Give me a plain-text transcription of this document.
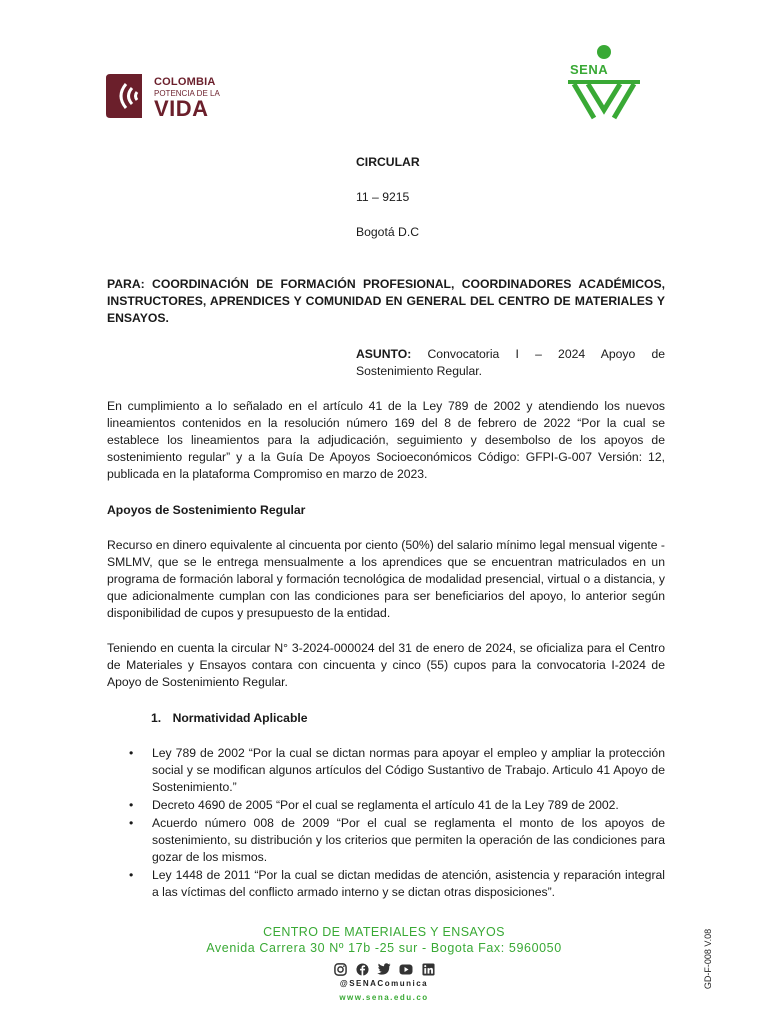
COLOMBIA
POTENCIA DE LA
VIDA
SENA
CIRCULAR
11 – 9215
Bogotá D.C
PARA: COORDINACIÓN DE FORMACIÓN PROFESIONAL, COORDINADORES ACADÉMICOS, INSTRUCTORES, APRENDICES Y COMUNIDAD EN GENERAL DEL CENTRO DE MATERIALES Y ENSAYOS.
ASUNTO: Convocatoria I – 2024 Apoyo de Sostenimiento Regular.
En cumplimiento a lo señalado en el artículo 41 de la Ley 789 de 2002 y atendiendo los nuevos lineamientos contenidos en la resolución número 169 del 8 de febrero de 2022 “Por la cual se establece los lineamientos para la adjudicación, seguimiento y desembolso de los apoyos de sostenimiento regular” y a la Guía De Apoyos Socioeconómicos Código: GFPI-G-007 Versión: 12, publicada en la plataforma Compromiso en marzo de 2023.
Apoyos de Sostenimiento Regular
Recurso en dinero equivalente al cincuenta por ciento (50%) del salario mínimo legal mensual vigente - SMLMV, que se le entrega mensualmente a los aprendices que se encuentran matriculados en un programa de formación laboral y formación tecnológica de modalidad presencial, virtual o a distancia, y que adicionalmente cumplan con las condiciones para ser beneficiarios del apoyo, lo anterior según disponibilidad de cupos y presupuesto de la entidad.
Teniendo en cuenta la circular N° 3-2024-000024 del 31 de enero de 2024, se oficializa para el Centro de Materiales y Ensayos contara con cincuenta y cinco (55) cupos para la convocatoria I-2024 de Apoyo de Sostenimiento Regular.
1. Normatividad Aplicable
• Ley 789 de 2002 “Por la cual se dictan normas para apoyar el empleo y ampliar la protección social y se modifican algunos artículos del Código Sustantivo de Trabajo. Articulo 41 Apoyo de Sostenimiento.”
• Decreto 4690 de 2005 “Por el cual se reglamenta el artículo 41 de la Ley 789 de 2002.
• Acuerdo número 008 de 2009 “Por el cual se reglamenta el monto de los apoyos de sostenimiento, su distribución y los criterios que permiten la operación de las condiciones para gozar de los mismos.
• Ley 1448 de 2011 “Por la cual se dictan medidas de atención, asistencia y reparación integral a las víctimas del conflicto armado interno y se dictan otras disposiciones”.
CENTRO DE MATERIALES Y ENSAYOS
Avenida Carrera 30 Nº 17b -25 sur - Bogota Fax: 5960050
@SENAComunica
www.sena.edu.co
GD-F-008 V.08
